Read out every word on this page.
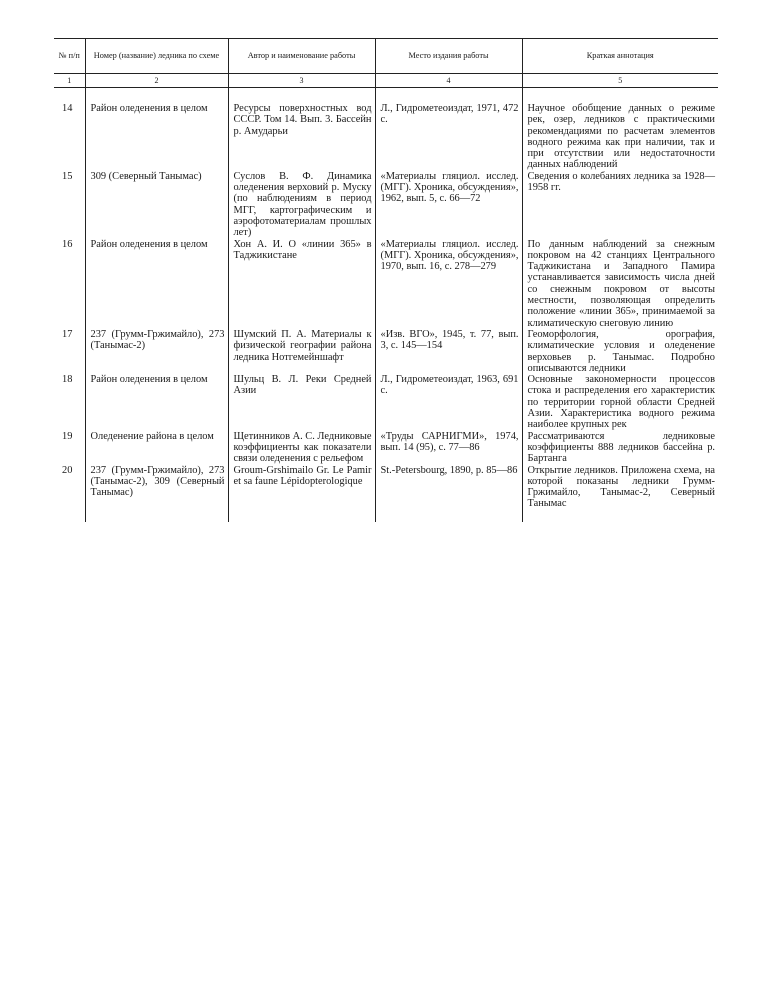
№ п/п	Номер (название) ледника по схеме	Автор и наименование работы	Место издания работы	Краткая аннотация
1	2	3	4	5
14	Район оледенения в целом	Ресурсы поверхностных вод СССР. Том 14. Вып. 3. Бассейн р. Амударьи	Л., Гидрометеоиздат, 1971, 472 с.	Научное обобщение данных о режиме рек, озер, ледников с практическими рекомендациями по расчетам элементов водного режима как при наличии, так и при отсутствии или недостаточности данных наблюдений
15	309 (Северный Танымас)	Суслов В. Ф. Динамика оледенения верховий р. Муску (по наблюдениям в период МГГ, картографическим и аэрофотоматериалам прошлых лет)	«Материалы гляциол. исслед. (МГГ). Хроника, обсуждения», 1962, вып. 5, с. 66—72	Сведения о колебаниях ледника за 1928—1958 гг.
16	Район оледенения в целом	Хон А. И. О «линии 365» в Таджикистане	«Материалы гляциол. исслед. (МГГ). Хроника, обсуждения», 1970, вып. 16, с. 278—279	По данным наблюдений за снежным покровом на 42 станциях Центрального Таджикистана и Западного Памира устанавливается зависимость числа дней со снежным покровом от высоты местности, позволяющая определить положение «линии 365», принимаемой за климатическую снеговую линию
17	237 (Грумм-Гржимайло), 273 (Танымас-2)	Шумский П. А. Материалы к физической географии района ледника Нотгемейншафт	«Изв. ВГО», 1945, т. 77, вып. 3, с. 145—154	Геоморфология, орография, климатические условия и оледенение верховьев р. Танымас. Подробно описываются ледники
18	Район оледенения в целом	Шульц В. Л. Реки Средней Азии	Л., Гидрометеоиздат, 1963, 691 с.	Основные закономерности процессов стока и распределения его характеристик по территории горной области Средней Азии. Характеристика водного режима наиболее крупных рек
19	Оледенение района в целом	Щетинников А. С. Ледниковые коэффициенты как показатели связи оледенения с рельефом	«Труды САРНИГМИ», 1974, вып. 14 (95), с. 77—86	Рассматриваются ледниковые коэффициенты 888 ледников бассейна р. Бартанга
20	237 (Грумм-Гржимайло), 273 (Танымас-2), 309 (Северный Танымас)	Groum-Grshimailo Gr. Le Pamir et sa faune Lépidopterologique	St.-Petersbourg, 1890, p. 85—86	Открытие ледников. Приложена схема, на которой показаны ледники Грумм-Гржимайло, Танымас-2, Северный Танымас
